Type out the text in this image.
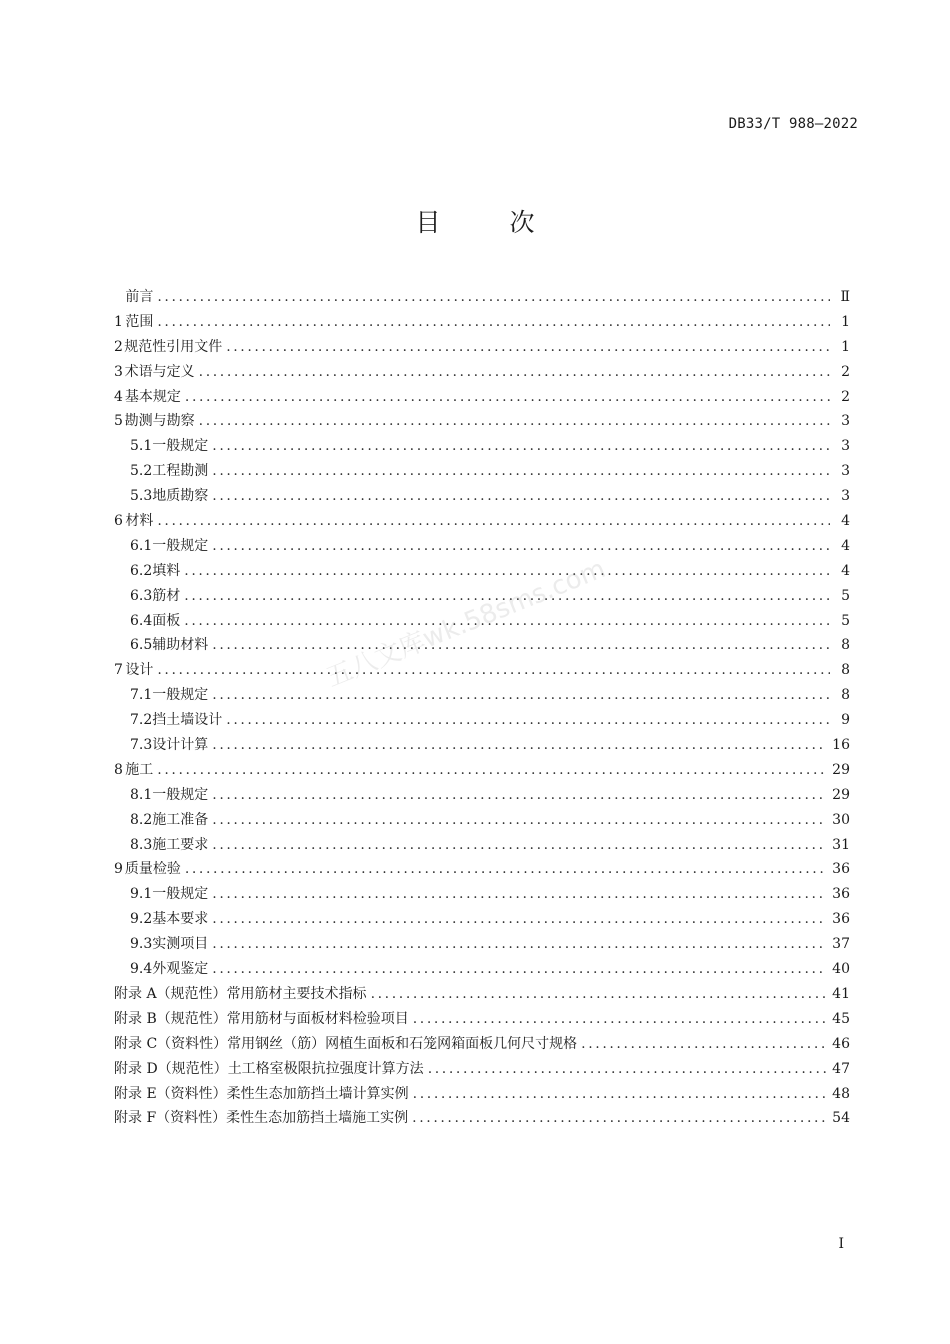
DB33/T 988—2022
目　次
前言 .....	Ⅱ
1 范围 .....	1
2 规范性引用文件 .....	1
3 术语与定义 .....	2
4 基本规定 .....	2
5 勘测与勘察 .....	3
5.1 一般规定 .....	3
5.2 工程勘测 .....	3
5.3 地质勘察 .....	3
6 材料 .....	4
6.1 一般规定 .....	4
6.2 填料 .....	4
6.3 筋材 .....	5
6.4 面板 .....	5
6.5 辅助材料 .....	8
7 设计 .....	8
7.1 一般规定 .....	8
7.2 挡土墙设计 .....	9
7.3 设计计算 .....	16
8 施工 .....	29
8.1 一般规定 .....	29
8.2 施工准备 .....	30
8.3 施工要求 .....	31
9 质量检验 .....	36
9.1 一般规定 .....	36
9.2 基本要求 .....	36
9.3 实测项目 .....	37
9.4 外观鉴定 .....	40
附录 A （规范性） 常用筋材主要技术指标 .....	41
附录 B （规范性） 常用筋材与面板材料检验项目 .....	45
附录 C （资料性） 常用钢丝（筋）网植生面板和石笼网箱面板几何尺寸规格 .....	46
附录 D （规范性） 土工格室极限抗拉强度计算方法 .....	47
附录 E （资料性） 柔性生态加筋挡土墙计算实例 .....	48
附录 F （资料性） 柔性生态加筋挡土墙施工实例 .....	54
五八文库wk.58sms.com
I
